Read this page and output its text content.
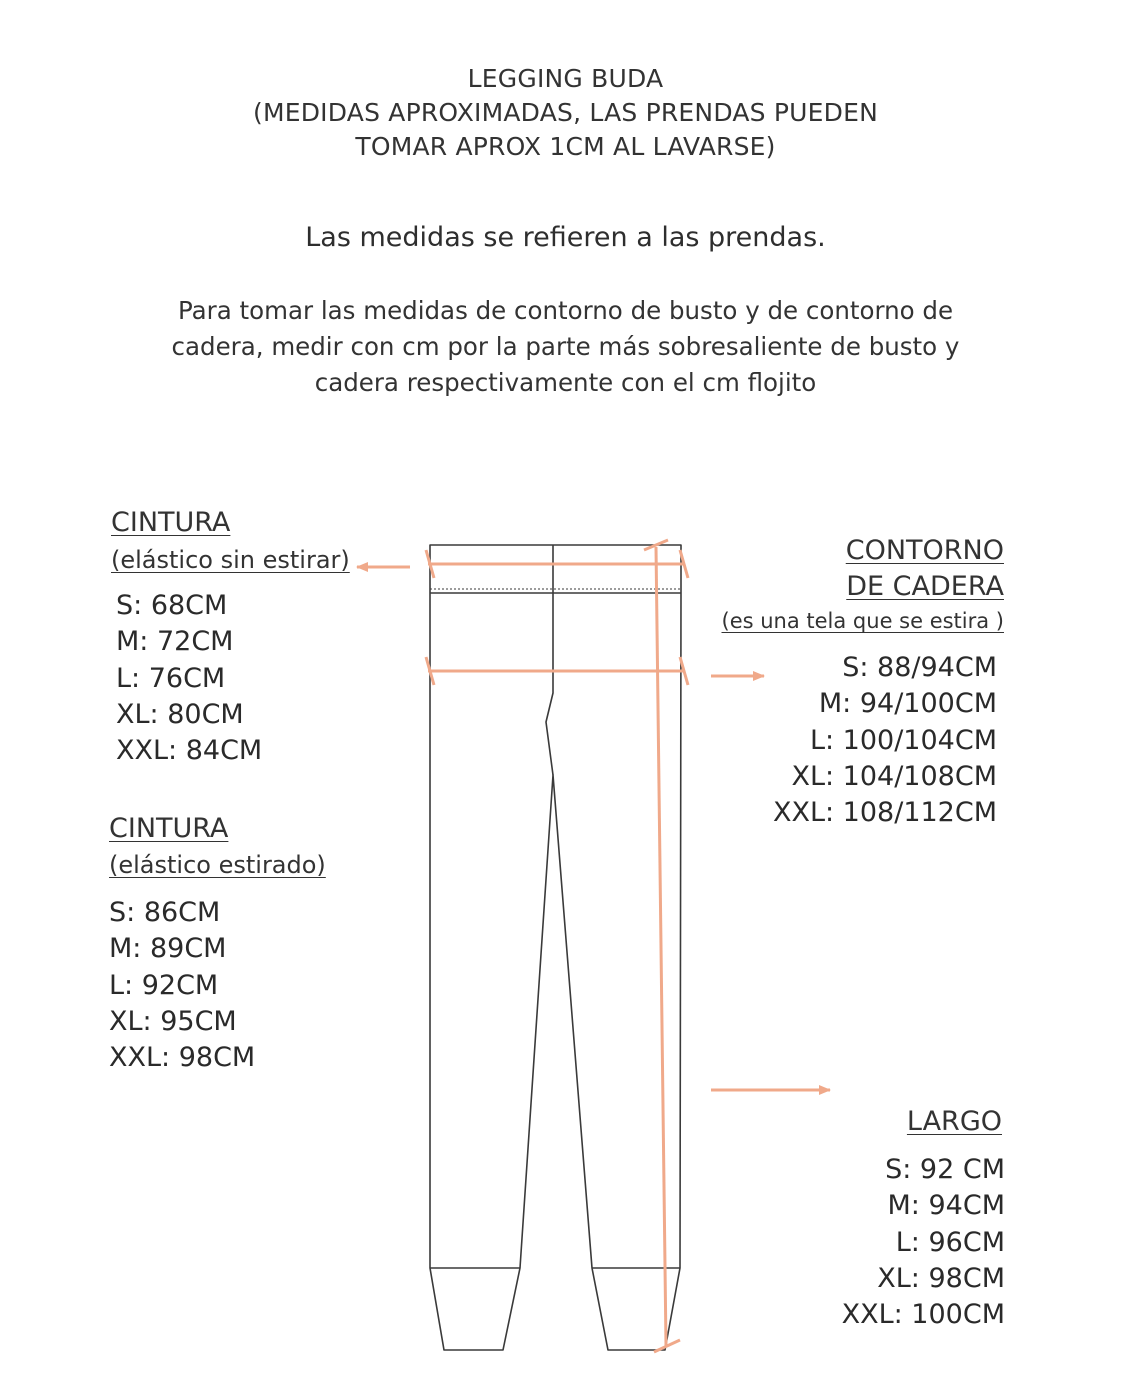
LEGGING BUDA
(MEDIDAS APROXIMADAS, LAS PRENDAS PUEDEN
TOMAR APROX 1CM AL LAVARSE)
Las medidas se refieren a las prendas.
Para tomar las medidas de contorno de busto y de contorno de
cadera, medir con cm por la parte más sobresaliente de busto y
cadera respectivamente con el cm flojito
CINTURA
(elástico sin estirar)
S: 68CM
M: 72CM
L: 76CM
XL: 80CM
XXL: 84CM
CINTURA
(elástico estirado)
S: 86CM
M: 89CM
L: 92CM
XL: 95CM
XXL: 98CM
CONTORNO
DE CADERA
(es una tela que se estira )
S: 88/94CM
M: 94/100CM
L: 100/104CM
XL: 104/108CM
XXL: 108/112CM
LARGO
S: 92 CM
M: 94CM
L: 96CM
XL: 98CM
XXL: 100CM
